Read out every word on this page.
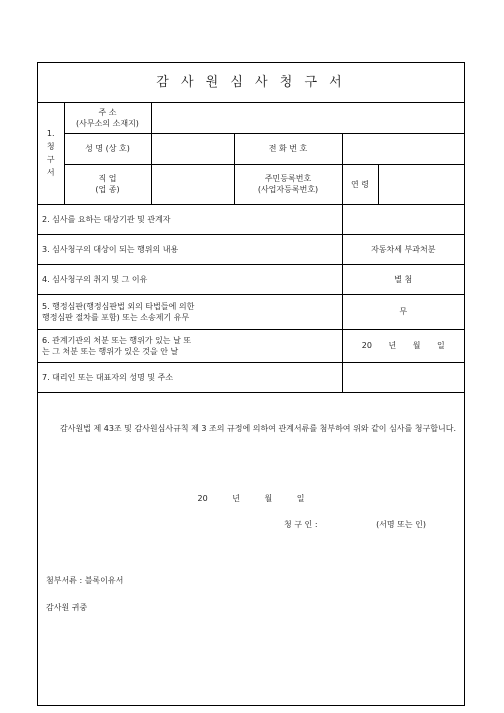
감 사 원 심 사 청 구 서
1.
청
구
서	주 소
(사무소의 소재지)				

	성 명 (상 호)		전 화 번 호		

	직 업
(업 종)		주민등록번호
(사업자등록번호)	연 령	
2. 심사를 요하는 대상기관 및 관계자					
3. 심사청구의 대상이 되는 행위의 내용				자동차세 부과처분	
4. 심사청구의 취지 및 그 이유				별 첨	

5. 행정심판(행정심판법 외의 타법들에 의한
행정심판 절차를 포함) 또는 소송제기 유무				무	

6. 관계기관의 처분 또는 행위가 있는 날 또
는 그 처분 또는 행위가 있은 것을 안 날				20 년 월 일	
7. 대리인 또는 대표자의 성명 및 주소					
감사원법 제 43조 및 감사원심사규칙 제 3 조의 규정에 의하여 관계서류를 첨부하여 위와 같이 심사를 청구합니다.
20 년 월 일
청 구 인 :	(서명 또는 인)
첨부서류 : 블록이유서
감사원 귀중
